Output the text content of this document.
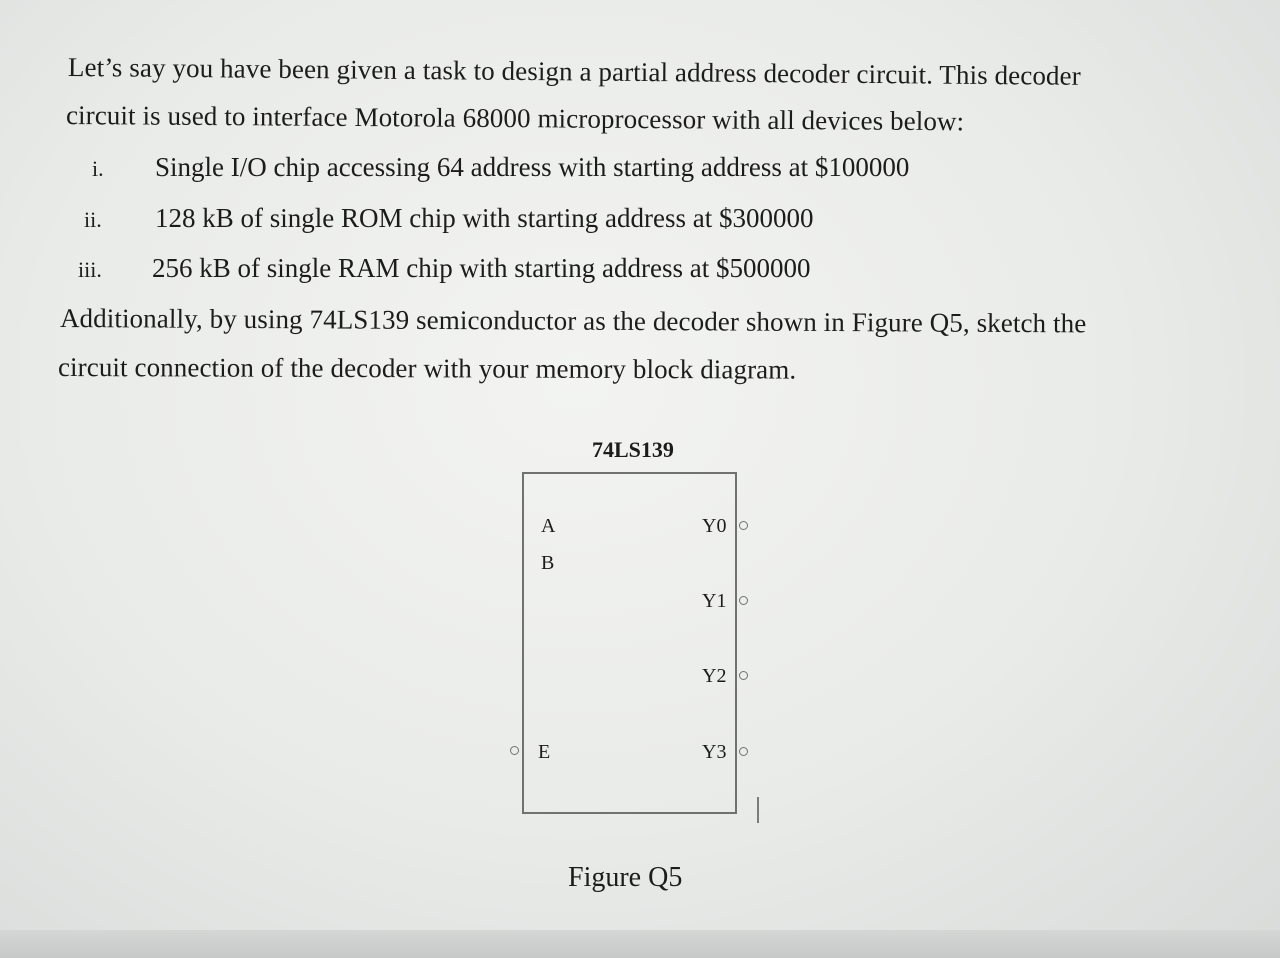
Let’s say you have been given a task to design a partial address decoder circuit. This decoder
circuit is used to interface Motorola 68000 microprocessor with all devices below:
i. Single I/O chip accessing 64 address with starting address at $100000
ii. 128 kB of single ROM chip with starting address at $300000
iii. 256 kB of single RAM chip with starting address at $500000
Additionally, by using 74LS139 semiconductor as the decoder shown in Figure Q5, sketch the
circuit connection of the decoder with your memory block diagram.
74LS139
A
B
E
Y0
Y1
Y2
Y3
Figure Q5
